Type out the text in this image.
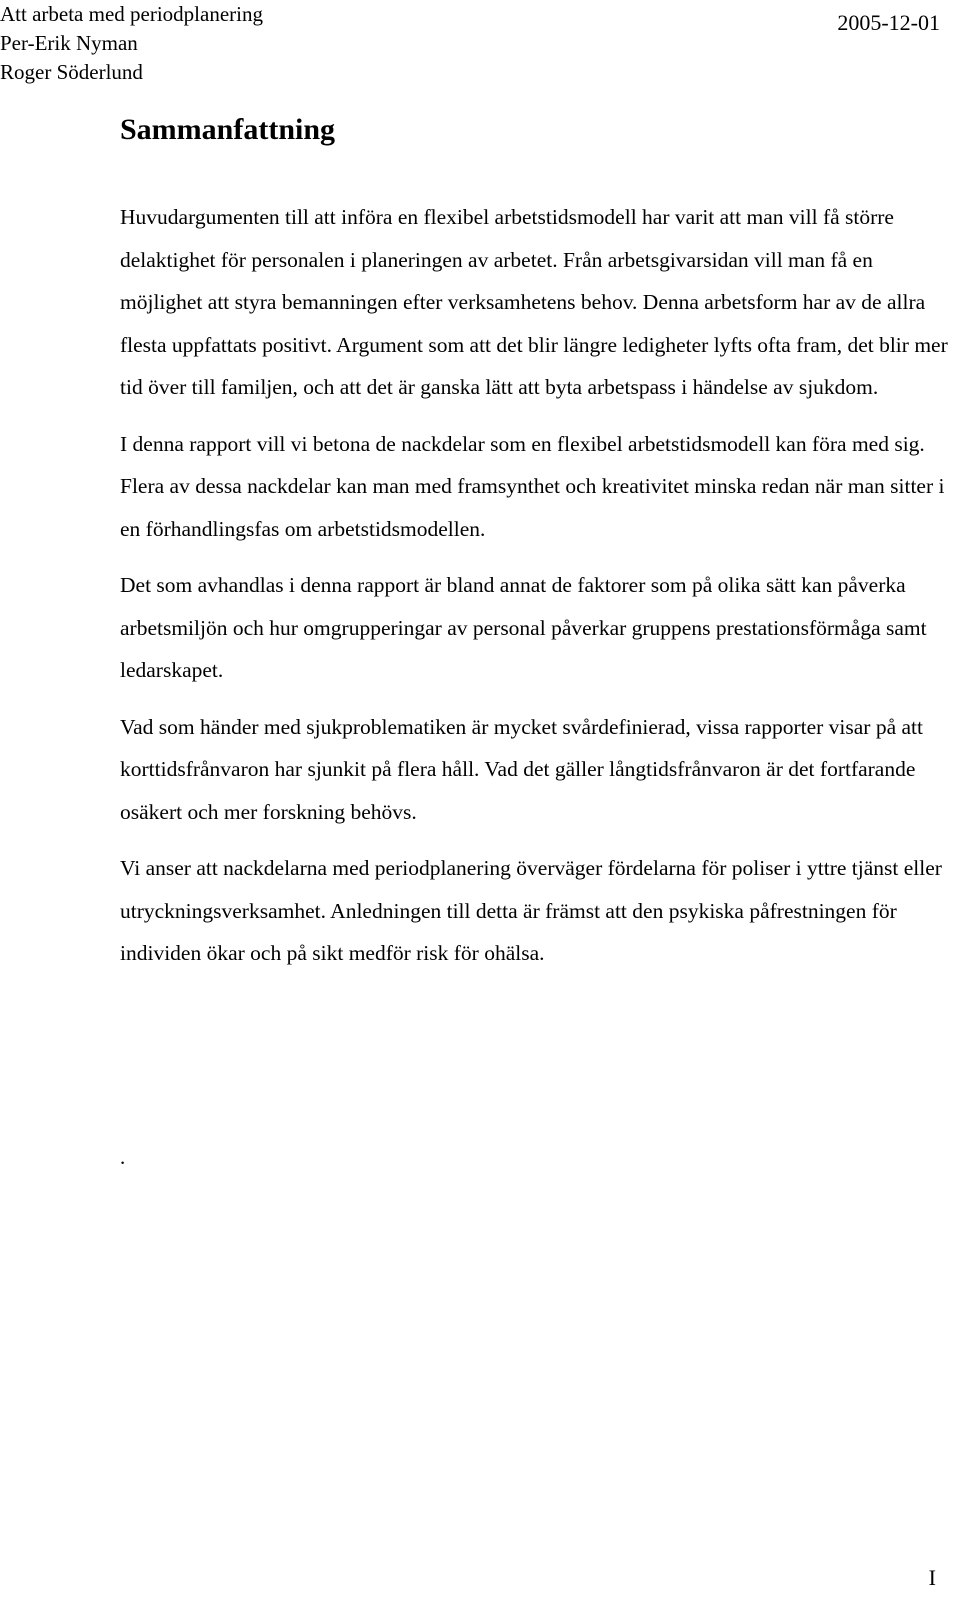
Att arbeta med periodplanering
Per-Erik Nyman
Roger Söderlund
2005-12-01
Sammanfattning

Huvudargumenten till att införa en flexibel arbetstidsmodell har varit att man vill få större delaktighet för personalen i planeringen av arbetet. Från arbetsgivarsidan vill man få en möjlighet att styra bemanningen efter verksamhetens behov. Denna arbetsform har av de allra flesta uppfattats positivt. Argument som att det blir längre ledigheter lyfts ofta fram, det blir mer tid över till familjen, och att det är ganska lätt att byta arbetspass i händelse av sjukdom.

I denna rapport vill vi betona de nackdelar som en flexibel arbetstidsmodell kan föra med sig. Flera av dessa nackdelar kan man med framsynthet och kreativitet minska redan när man sitter i en förhandlingsfas om arbetstidsmodellen.

Det som avhandlas i denna rapport är bland annat de faktorer som på olika sätt kan påverka arbetsmiljön och hur omgrupperingar av personal påverkar gruppens prestationsförmåga samt ledarskapet.

Vad som händer med sjukproblematiken är mycket svårdefinierad, vissa rapporter visar på att korttidsfrånvaron har sjunkit på flera håll. Vad det gäller långtidsfrånvaron är det fortfarande osäkert och mer forskning behövs.

Vi anser att nackdelarna med periodplanering överväger fördelarna för poliser i yttre tjänst eller utryckningsverksamhet. Anledningen till detta är främst att den psykiska påfrestningen för individen ökar och på sikt medför risk för ohälsa.

.
I
